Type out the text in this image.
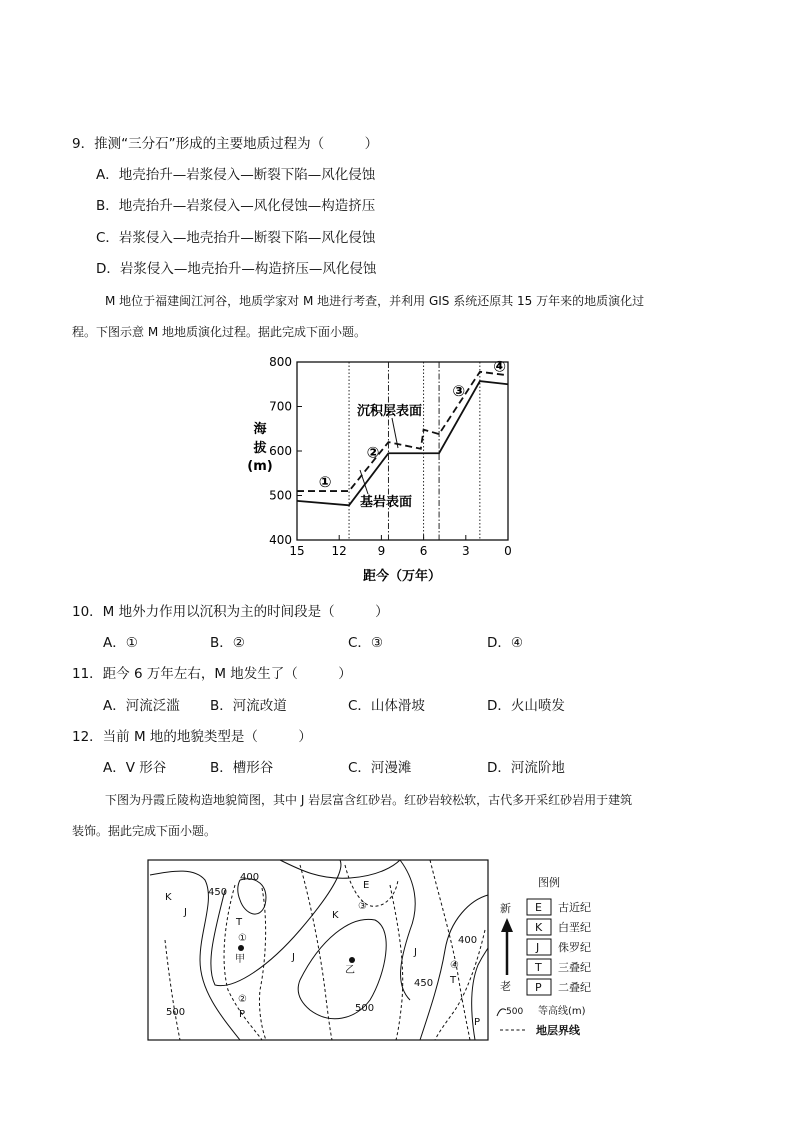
9．推测“三分石”形成的主要地质过程为（　　　）
A．地壳抬升—岩浆侵入—断裂下陷—风化侵蚀
B．地壳抬升—岩浆侵入—风化侵蚀—构造挤压
C．岩浆侵入—地壳抬升—断裂下陷—风化侵蚀
D．岩浆侵入—地壳抬升—构造挤压—风化侵蚀
M 地位于福建闽江河谷，地质学家对 M 地进行考查，并利用 GIS 系统还原其 15 万年来的地质演化过
程。下图示意 M 地地质演化过程。据此完成下面小题。
400
500
600
700
800
15 12	9	6	3	0
①
②
③
④
海
拔
(m)
距今（万年）
沉积层表面
基岩表面
10．M 地外力作用以沉积为主的时间段是（　　　）
A．①	B．②	C．③	D．④
11．距今 6 万年左右，M 地发生了（　　　）
A．河流泛滥 B．河流改道	C．山体滑坡	D．火山喷发
12．当前 M 地的地貌类型是（　　　）
A．V 形谷	B．槽形谷	C．河漫滩	D．河流阶地
下图为丹霞丘陵构造地貌简图，其中 J 岩层富含红砂岩。红砂岩较松软，古代多开采红砂岩用于建筑
装饰。据此完成下面小题。
K
J
T
P
K
E
J
T
P
J
400
450
500	500
450
400
①
②
③
④
甲
乙
图例
新
老
E 古近纪
K 白垩纪
J 侏罗纪
T 三叠纪
P 二叠纪
500 等高线(m)
地层界线
